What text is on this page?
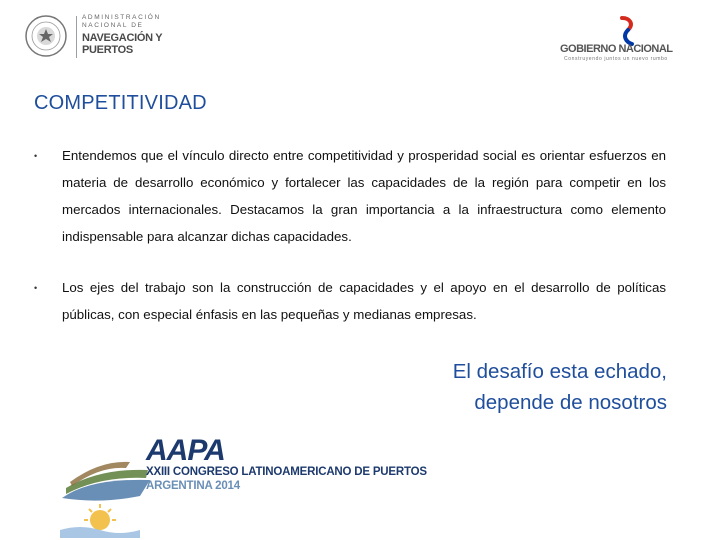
ADMINISTRACIÓN
NACIONAL DE
NAVEGACIÓN Y
PUERTOS	GOBIERNO NACIONAL
Construyendo juntos un nuevo rumbo
COMPETITIVIDAD
• Entendemos que el vínculo directo entre competitividad y prosperidad social es orientar esfuerzos en materia de desarrollo económico y fortalecer las capacidades de la región para competir en los mercados internacionales. Destacamos la gran importancia a la infraestructura como elemento indispensable para alcanzar dichas capacidades.
• Los ejes del trabajo son la construcción de capacidades y el apoyo en el desarrollo de políticas públicas, con especial énfasis en las pequeñas y medianas empresas.
El desafío esta echado,
depende de nosotros
AAPA
XXIII CONGRESO LATINOAMERICANO DE PUERTOS
ARGENTINA 2014
